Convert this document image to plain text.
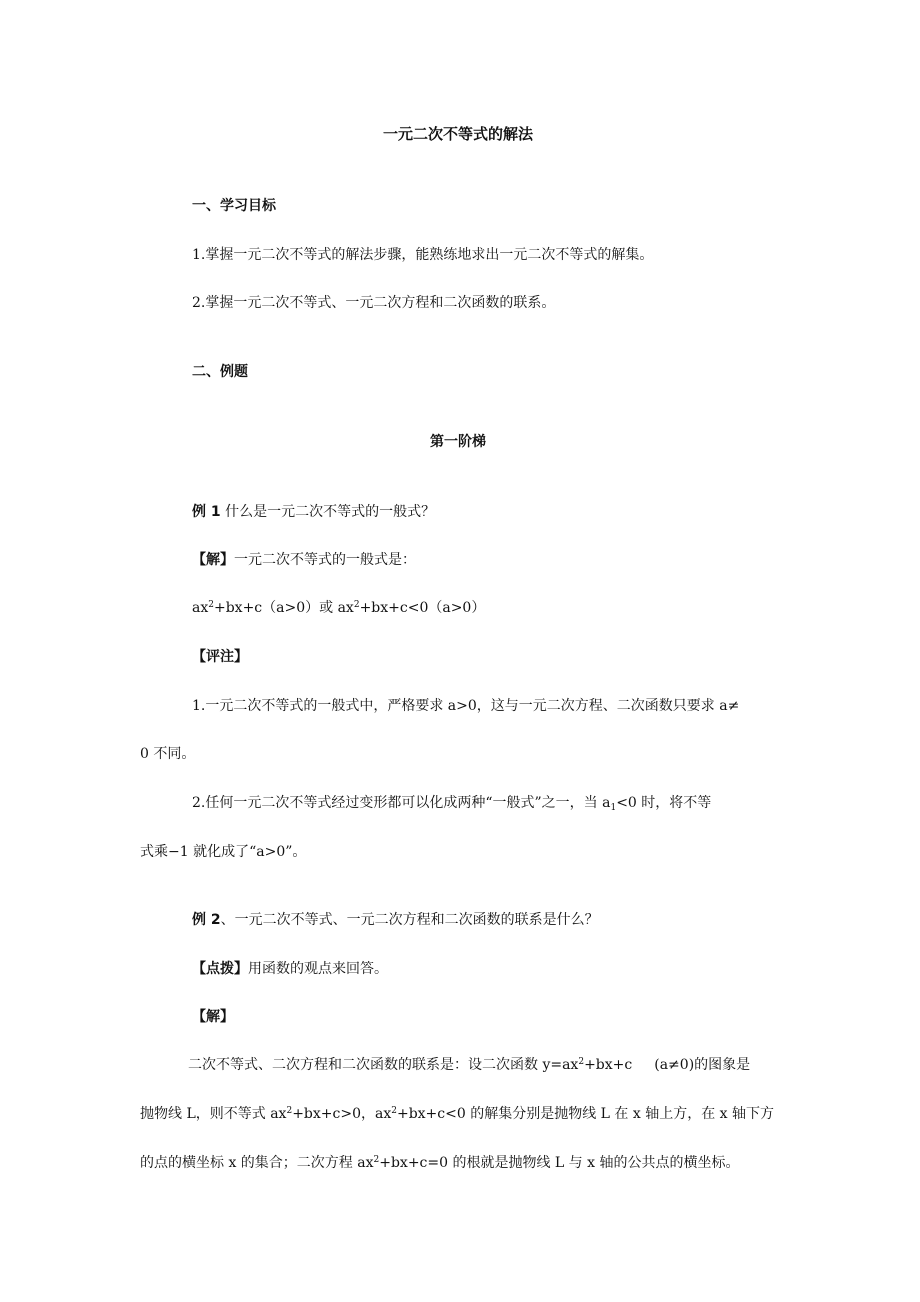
一元二次不等式的解法
一、学习目标
1.掌握一元二次不等式的解法步骤，能熟练地求出一元二次不等式的解集。
2.掌握一元二次不等式、一元二次方程和二次函数的联系。
二、例题
第一阶梯
例 1 什么是一元二次不等式的一般式？
【解】一元二次不等式的一般式是：
$ax^2+bx+c(a>0)$或 $ax^2+bx+c<0(a>0)$
【评注】
1.一元二次不等式的一般式中，严格要求 a>0，这与一元二次方程、二次函数只要求 a≠
0 不同。
2.任何一元二次不等式经过变形都可以化成两种“一般式”之一，当 $a_1<0$ 时，将不等
式乘−1 就化成了“a>0”。
例 2、一元二次不等式、一元二次方程和二次函数的联系是什么？
【点拨】用函数的观点来回答。
【解】
二次不等式、二次方程和二次函数的联系是：设二次函数 $y=ax^2+bx+c$ (a≠0)的图象是
抛物线 L，则不等式 $ax^2+bx+c>0$，$ax^2+bx+c<0$ 的解集分别是抛物线 L 在 x 轴上方，在 x 轴下方
的点的横坐标 x 的集合；二次方程 $ax^2+bx+c=0$ 的根就是抛物线 L 与 x 轴的公共点的横坐标。
